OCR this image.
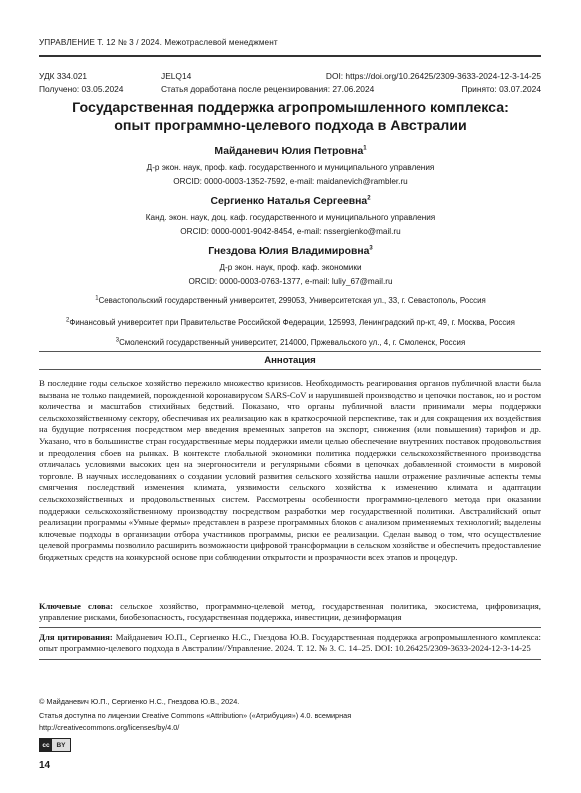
УПРАВЛЕНИЕ Т. 12 № 3 / 2024. Межотраслевой менеджмент
УДК 334.021	JELQ14	DOI: https://doi.org/10.26425/2309-3633-2024-12-3-14-25
Получено: 03.05.2024	Статья доработана после рецензирования: 27.06.2024	Принято: 03.07.2024
Государственная поддержка агропромышленного комплекса:
опыт программно-целевого подхода в Австралии
Майданевич Юлия Петровна$^1$
Д-р экон. наук, проф. каф. государственного и муниципального управления
ORCID: 0000-0003-1352-7592, e-mail: maidanevich@rambler.ru
Сергиенко Наталья Сергеевна$^2$
Канд. экон. наук, доц. каф. государственного и муниципального управления
ORCID: 0000-0001-9042-8454, e-mail: nssergienko@mail.ru
Гнездова Юлия Владимировна$^3$
Д-р экон. наук, проф. каф. экономики
ORCID: 0000-0003-0763-1377, e-mail: luliy_67@mail.ru
$^1$Севастопольский государственный университет, 299053, Университетская ул., 33, г. Севастополь, Россия
$^2$Финансовый университет при Правительстве Российской Федерации, 125993, Ленинградский пр-кт, 49, г. Москва, Россия
$^3$Смоленский государственный университет, 214000, Пржевальского ул., 4, г. Смоленск, Россия
Аннотация
В последние годы сельское хозяйство пережило множество кризисов. Необходимость реагирования органов публичной власти была вызвана не только пандемией, порожденной коронавирусом SARS-CoV и нарушившей производство и цепочки поставок, но и ростом количества и масштабов стихийных бедствий. Показано, что органы публичной власти принимали меры поддержки сельскохозяйственному сектору, обеспечивая их реализацию как в краткосрочной перспективе, так и для сокращения их воздействия на будущие потрясения посредством мер введения временных запретов на экспорт, снижения (или повышения) тарифов и др. Указано, что в большинстве стран государственные меры поддержки имели целью обеспечение внутренних поставок продовольствия и преодоления сбоев на рынках. В контексте глобальной экономики политика поддержки сельскохозяйственного производства отличалась условиями высоких цен на энергоносители и регулярными сбоями в цепочках добавленной стоимости в мировой торговле. В научных исследованиях о создании условий развития сельского хозяйства нашли отражение различные аспекты темы смягчения последствий изменения климата, уязвимости сельского хозяйства к изменению климата и адаптации сельскохозяйственных и продовольственных систем. Рассмотрены особенности программно-целевого метода при оказании поддержки сельскохозяйственному производству посредством разработки мер государственной политики. Австралийский опыт реализации программы «Умные фермы» представлен в разрезе программных блоков с анализом применяемых технологий; выделены ключевые подходы в организации отбора участников программы, риски ее реализации. Сделан вывод о том, что осуществление целевой программы позволило расширить возможности цифровой трансформации в сельском хозяйстве и обеспечить предоставление бюджетных средств на конкурсной основе при соблюдении открытости и прозрачности всех этапов и процедур.
Ключевые слова: сельское хозяйство, программно-целевой метод, государственная политика, экосистема, цифровизация, управление рисками, биобезопасность, государственная поддержка, инвестиции, дезинформация
Для цитирования: Майданевич Ю.П., Сергиенко Н.С., Гнездова Ю.В. Государственная поддержка агропромышленного комплекса: опыт программно-целевого подхода в Австралии//Управление. 2024. Т. 12. № 3. С. 14–25. DOI: 10.26425/2309-3633-2024-12-3-14-25
© Майданевич Ю.П., Сергиенко Н.С., Гнездова Ю.В., 2024.
Статья доступна по лицензии Creative Commons «Attribution» («Атрибуция») 4.0. всемирная
http://creativecommons.org/licenses/by/4.0/
cc	BY
14
